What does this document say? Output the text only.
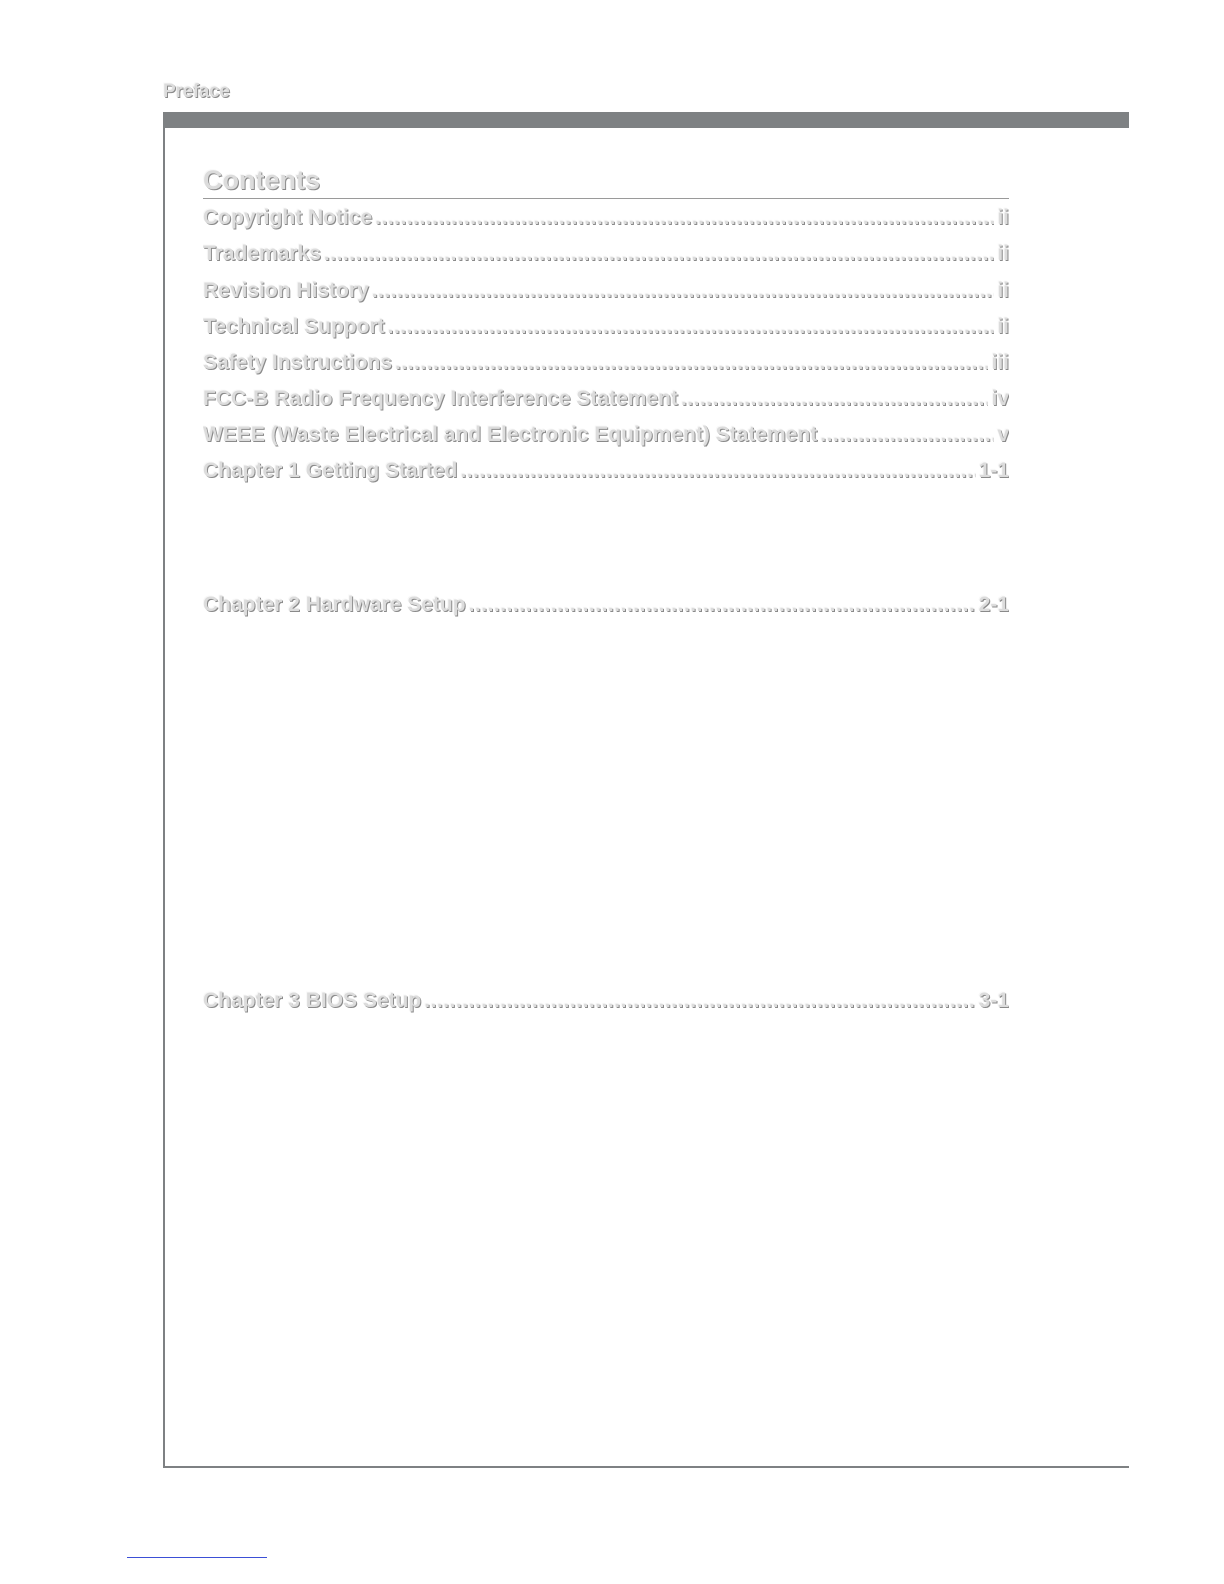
Preface
Contents
Copyright Notice .....	ii
Trademarks .....	ii
Revision History .....	ii
Technical Support .....	ii
Safety Instructions .....	iii
FCC-B Radio Frequency Interference Statement .....	iv
WEEE (Waste Electrical and Electronic Equipment) Statement .....	v
Chapter 1 Getting Started .....	1-1
Chapter 2 Hardware Setup .....	2-1
Chapter 3 BIOS Setup .....	3-1
